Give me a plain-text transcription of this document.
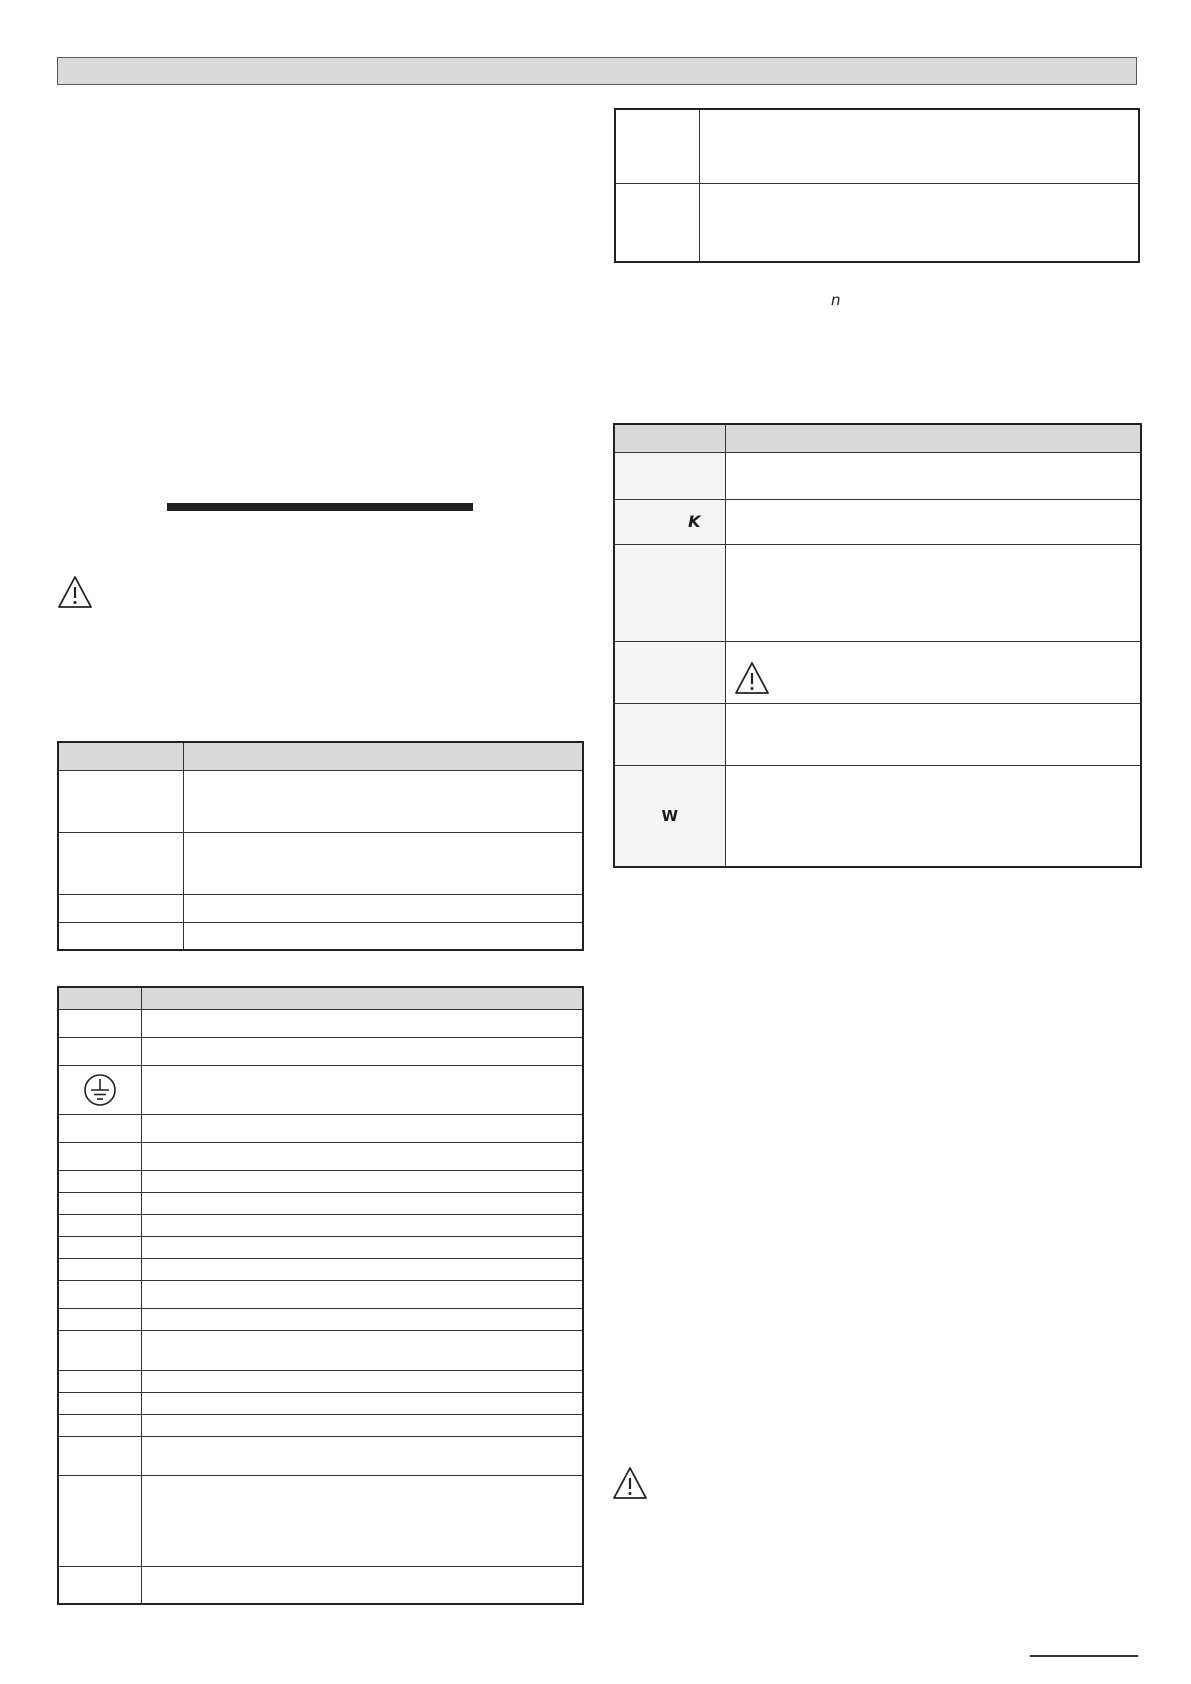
n

K	

W	
